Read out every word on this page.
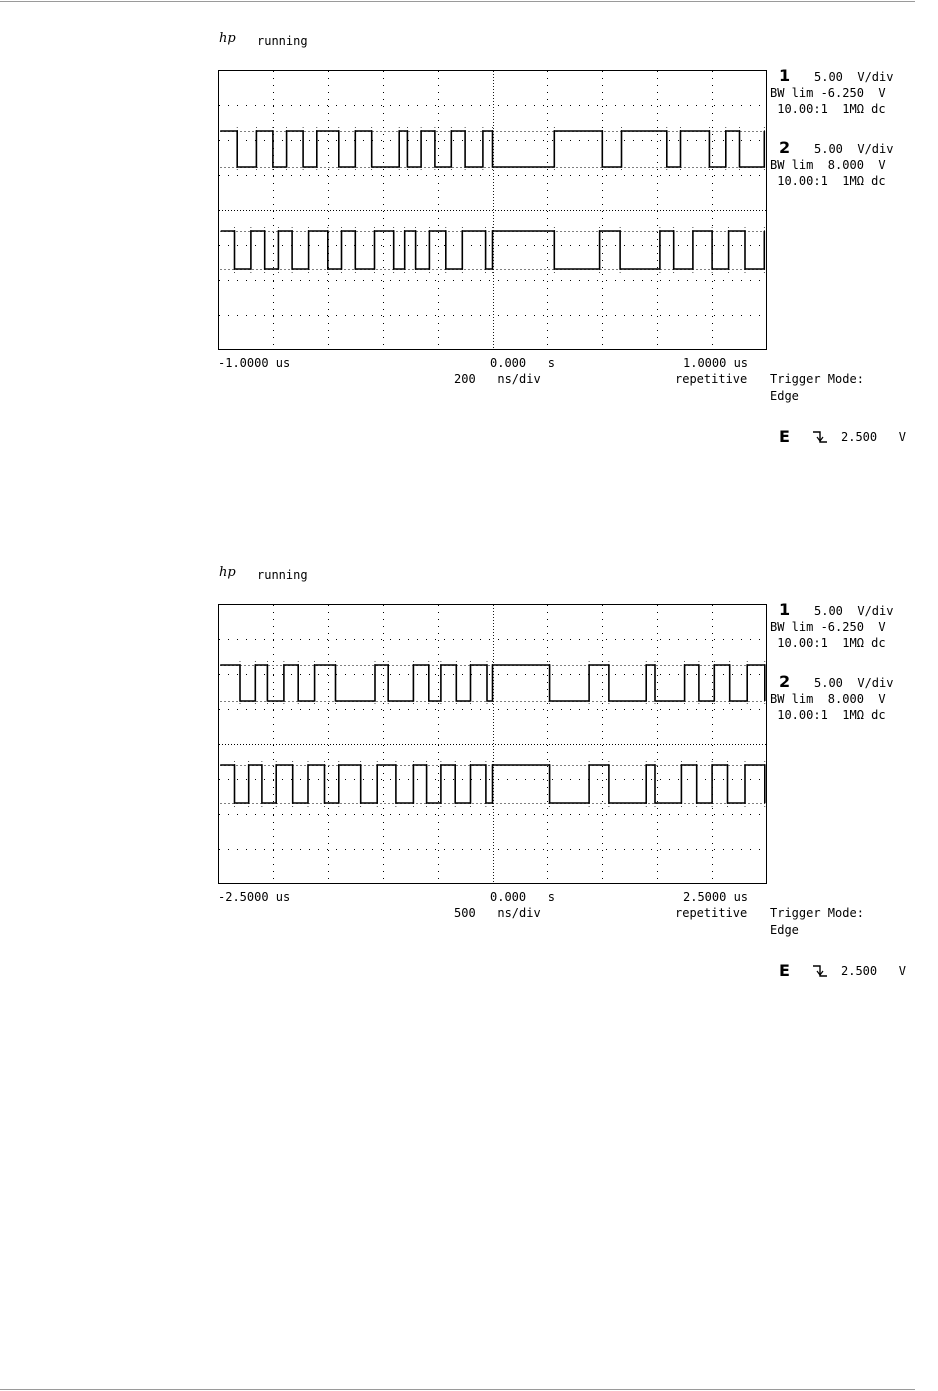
hp running
1 5.00  V/div
BW lim -6.250  V
10.00:1  1MΩ dc
2 5.00  V/div
BW lim  8.000  V
10.00:1  1MΩ dc
-1.0000 us	0.000   s	1.0000 us
200   ns/div	repetitive Trigger Mode:
Edge
E	2.500   V
hp running
1 5.00  V/div
BW lim -6.250  V
10.00:1  1MΩ dc
2 5.00  V/div
BW lim  8.000  V
10.00:1  1MΩ dc
-2.5000 us	0.000   s	2.5000 us
500   ns/div	repetitive Trigger Mode:
Edge
E	2.500   V
